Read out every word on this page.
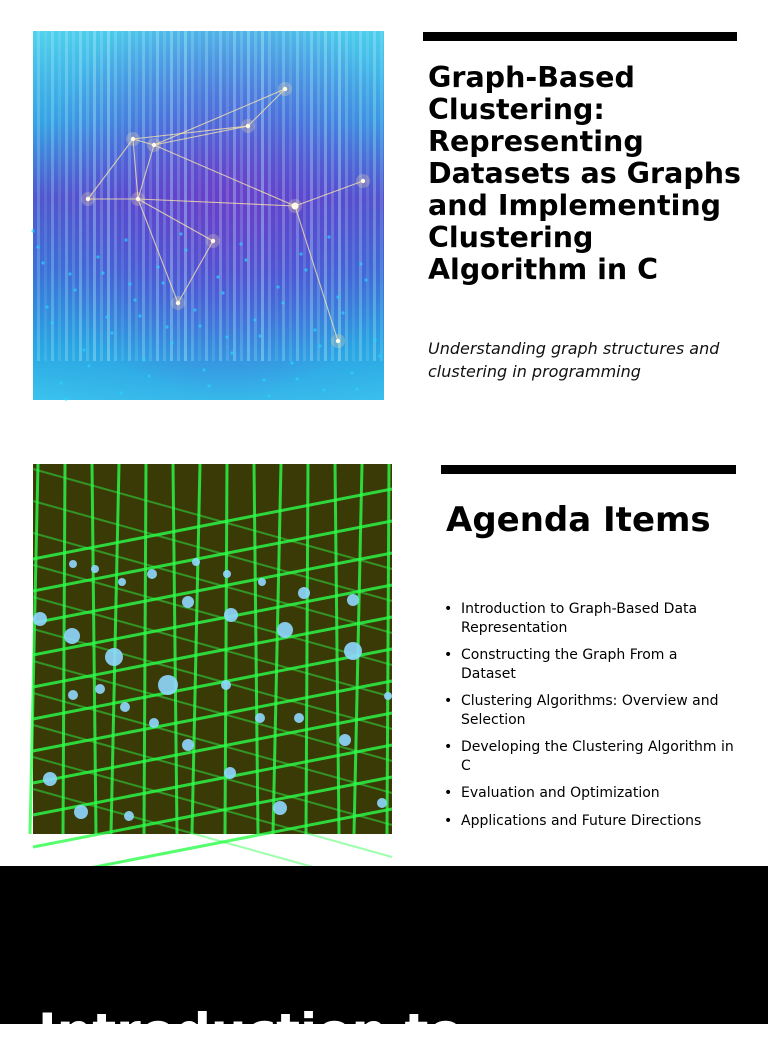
Graph-Based Clustering: Representing Datasets as Graphs and Implementing Clustering Algorithm in C

Understanding graph structures and clustering in programming

Agenda Items
• Introduction to Graph-Based Data Representation
• Constructing the Graph From a Dataset
• Clustering Algorithms: Overview and Selection
• Developing the Clustering Algorithm in C
• Evaluation and Optimization
• Applications and Future Directions
Introduction to
